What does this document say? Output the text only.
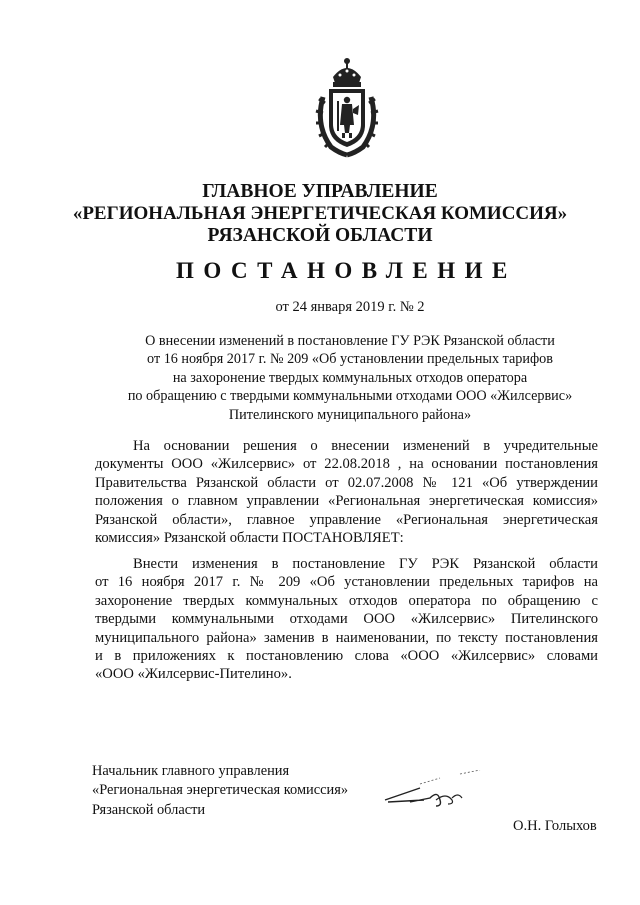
ГЛАВНОЕ УПРАВЛЕНИЕ
«РЕГИОНАЛЬНАЯ ЭНЕРГЕТИЧЕСКАЯ КОМИССИЯ»
РЯЗАНСКОЙ ОБЛАСТИ
ПОСТАНОВЛЕНИЕ
от 24 января 2019 г. № 2
О внесении изменений в постановление ГУ РЭК Рязанской области
от 16 ноября 2017 г. № 209 «Об установлении предельных тарифов
на захоронение твердых коммунальных отходов оператора
по обращению с твердыми коммунальными отходами ООО «Жилсервис»
Пителинского муниципального района»
На основании решения о внесении изменений в учредительные
документы ООО «Жилсервис» от 22.08.2018 , на основании постановления
Правительства Рязанской области от 02.07.2008 № 121 «Об утверждении
положения о главном управлении «Региональная энергетическая комиссия»
Рязанской области», главное управление «Региональная энергетическая
комиссия» Рязанской области ПОСТАНОВЛЯЕТ:
Внести изменения в постановление ГУ РЭК Рязанской области
от 16 ноября 2017 г. № 209 «Об установлении предельных тарифов на
захоронение твердых коммунальных отходов оператора по обращению с
твердыми коммунальными отходами ООО «Жилсервис» Пителинского
муниципального района» заменив в наименовании, по тексту постановления
и в приложениях к постановлению слова «ООО «Жилсервис» словами
«ООО «Жилсервис-Пителино».
Начальник главного управления
«Региональная энергетическая комиссия»
Рязанской области
О.Н. Голыхов
